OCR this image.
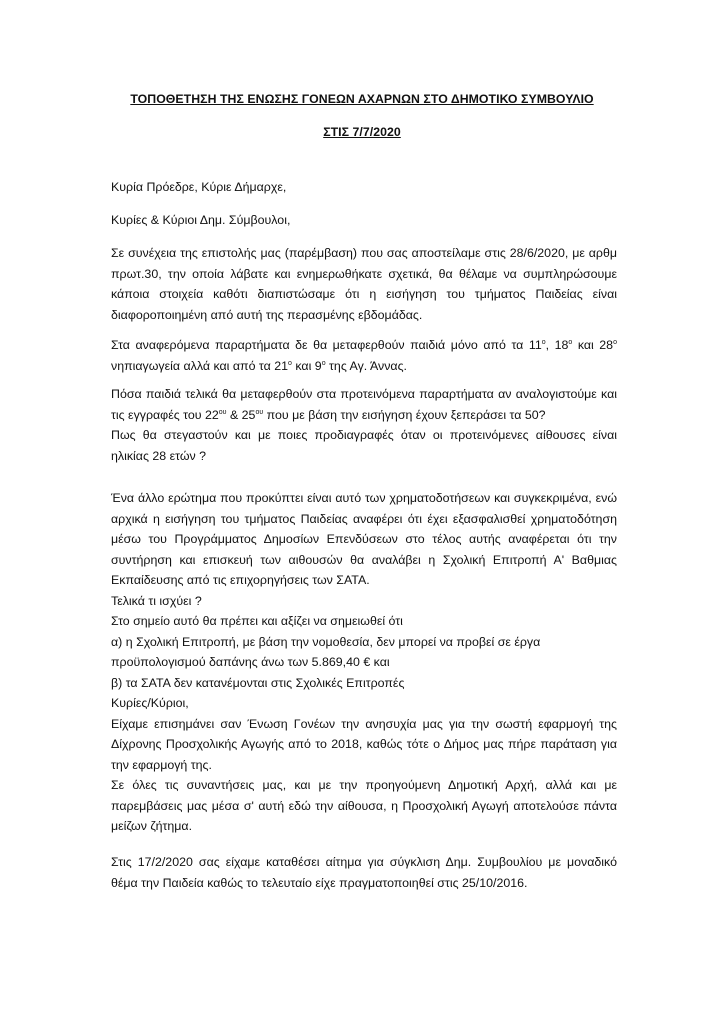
ΤΟΠΟΘΕΤΗΣΗ ΤΗΣ ΕΝΩΣΗΣ ΓΟΝΕΩΝ ΑΧΑΡΝΩΝ ΣΤΟ ΔΗΜΟΤΙΚΟ ΣΥΜΒΟΥΛΙΟ
ΣΤΙΣ 7/7/2020

Κυρία Πρόεδρε, Κύριε Δήμαρχε,

Κυρίες & Κύριοι Δημ. Σύμβουλοι,

Σε συνέχεια της επιστολής μας (παρέμβαση) που σας αποστείλαμε στις 28/6/2020, με αρθμ πρωτ.30, την οποία λάβατε και ενημερωθήκατε σχετικά, θα θέλαμε να συμπληρώσουμε κάποια στοιχεία καθότι διαπιστώσαμε ότι η εισήγηση του τμήματος Παιδείας είναι διαφοροποιημένη από αυτή της περασμένης εβδομάδας.

Στα αναφερόμενα παραρτήματα δε θα μεταφερθούν παιδιά μόνο από τα $11^o$, $18^o$ και $28^o$ νηπιαγωγεία αλλά και από τα $21^o$ και $9^o$ της Αγ. Άννας.

Πόσα παιδιά τελικά θα μεταφερθούν στα προτεινόμενα παραρτήματα αν αναλογιστούμε και τις εγγραφές του $22^{o\upsilon}$ & $25^{o\upsilon}$ που με βάση την εισήγηση έχουν ξεπεράσει τα 50?

Πως θα στεγαστούν και με ποιες προδιαγραφές όταν οι προτεινόμενες αίθουσες είναι ηλικίας 28 ετών ?

Ένα άλλο ερώτημα που προκύπτει είναι αυτό των χρηματοδοτήσεων και συγκεκριμένα, ενώ αρχικά η εισήγηση του τμήματος Παιδείας αναφέρει ότι έχει εξασφαλισθεί χρηματοδότηση μέσω του Προγράμματος Δημοσίων Επενδύσεων στο τέλος αυτής αναφέρεται ότι την συντήρηση και επισκευή των αιθουσών θα αναλάβει η Σχολική Επιτροπή Α' Βαθμιας Εκπαίδευσης από τις επιχορηγήσεις των ΣΑΤΑ.

Τελικά τι ισχύει ?

Στο σημείο αυτό θα πρέπει και αξίζει να σημειωθεί ότι

α) η Σχολική Επιτροπή, με βάση την νομοθεσία, δεν μπορεί να προβεί σε έργα

προϋπολογισμού δαπάνης άνω των 5.869,40 € και

β) τα ΣΑΤΑ δεν κατανέμονται στις Σχολικές Επιτροπές

Κυρίες/Κύριοι,

Είχαμε επισημάνει σαν Ένωση Γονέων την ανησυχία μας για την σωστή εφαρμογή της Δίχρονης Προσχολικής Αγωγής από το 2018, καθώς τότε ο Δήμος μας πήρε παράταση για την εφαρμογή της.

Σε όλες τις συναντήσεις μας, και με την προηγούμενη Δημοτική Αρχή, αλλά και με παρεμβάσεις μας μέσα σ' αυτή εδώ την αίθουσα, η Προσχολική Αγωγή αποτελούσε πάντα μείζων ζήτημα.

Στις 17/2/2020 σας είχαμε καταθέσει αίτημα για σύγκλιση Δημ. Συμβουλίου με μοναδικό θέμα την Παιδεία καθώς το τελευταίο είχε πραγματοποιηθεί στις 25/10/2016.
